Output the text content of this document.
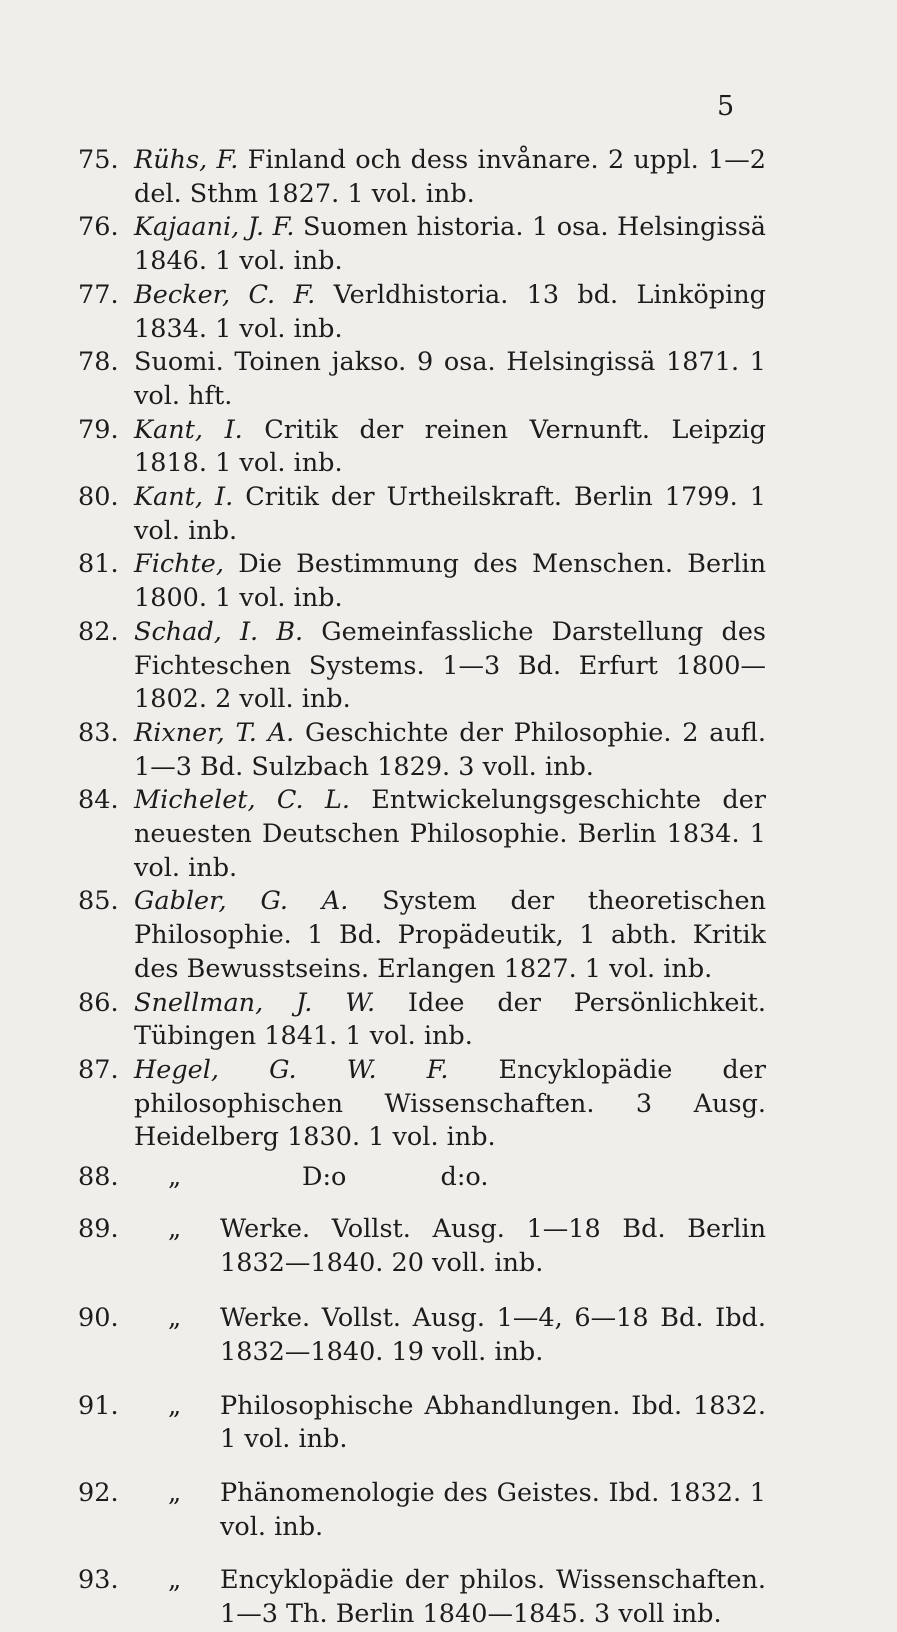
5
75. Rühs, F. Finland och dess invånare. 2 uppl. 1—2 del. Sthm 1827. 1 vol. inb.
76. Kajaani, J. F. Suomen historia. 1 osa. Helsingissä 1846. 1 vol. inb.
77. Becker, C. F. Verldhistoria. 13 bd. Linköping 1834. 1 vol. inb.
78. Suomi. Toinen jakso. 9 osa. Helsingissä 1871. 1 vol. hft.
79. Kant, I. Critik der reinen Vernunft. Leipzig 1818. 1 vol. inb.
80. Kant, I. Critik der Urtheilskraft. Berlin 1799. 1 vol. inb.
81. Fichte, Die Bestimmung des Menschen. Berlin 1800. 1 vol. inb.
82. Schad, I. B. Gemeinfassliche Darstellung des Fichteschen Systems. 1—3 Bd. Erfurt 1800—1802. 2 voll. inb.
83. Rixner, T. A. Geschichte der Philosophie. 2 aufl. 1—3 Bd. Sulzbach 1829. 3 voll. inb.
84. Michelet, C. L. Entwickelungsgeschichte der neuesten Deutschen Philosophie. Berlin 1834. 1 vol. inb.
85. Gabler, G. A. System der theoretischen Philosophie. 1 Bd. Propädeutik, 1 abth. Kritik des Bewusstseins. Erlangen 1827. 1 vol. inb.
86. Snellman, J. W. Idee der Persönlichkeit. Tübingen 1841. 1 vol. inb.
87. Hegel, G. W. F. Encyklopädie der philosophischen Wissenschaften. 3 Ausg. Heidelberg 1830. 1 vol. inb.
88.	„	D:o d:o.
89.	„ Werke. Vollst. Ausg. 1—18 Bd. Berlin 1832—1840. 20 voll. inb.
90.	„ Werke. Vollst. Ausg. 1—4, 6—18 Bd. Ibd. 1832—1840. 19 voll. inb.
91.	„ Philosophische Abhandlungen. Ibd. 1832. 1 vol. inb.
92.	„ Phänomenologie des Geistes. Ibd. 1832. 1 vol. inb.
93.	„ Encyklopädie der philos. Wissenschaften. 1—3 Th. Berlin 1840—1845. 3 voll inb.
